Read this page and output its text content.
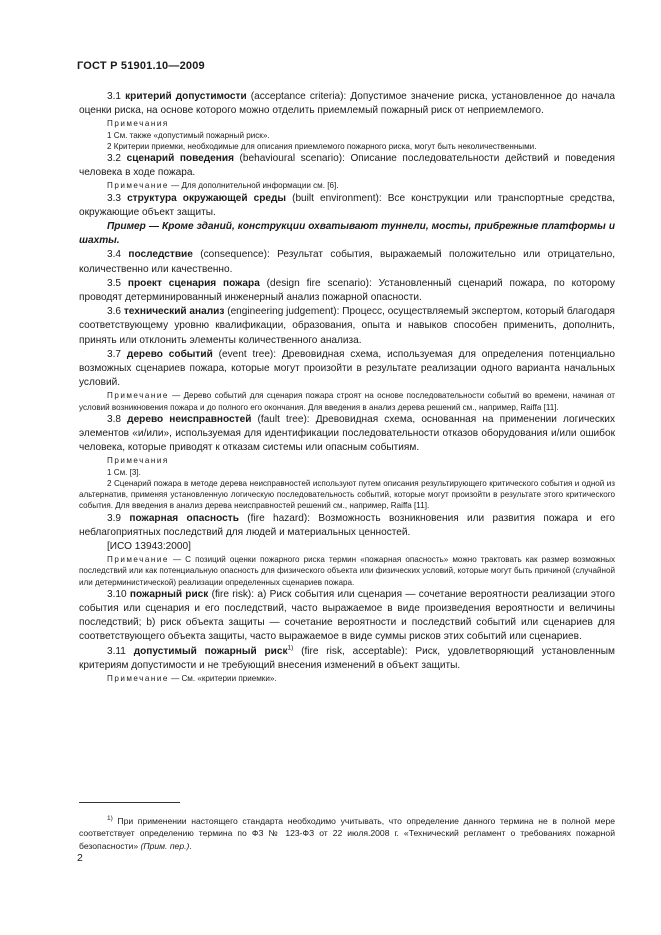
ГОСТ Р 51901.10—2009

3.1 критерий допустимости (acceptance criteria): Допустимое значение риска, установленное до начала оценки риска, на основе которого можно отделить приемлемый пожарный риск от неприемлемого.

Примечания

1 См. также «допустимый пожарный риск».

2 Критерии приемки, необходимые для описания приемлемого пожарного риска, могут быть неколичественными.

3.2 сценарий поведения (behavioural scenario): Описание последовательности действий и поведения человека в ходе пожара.

Примечание — Для дополнительной информации см. [6].

3.3 структура окружающей среды (built environment): Все конструкции или транспортные средства, окружающие объект защиты.

Пример — Кроме зданий, конструкции охватывают туннели, мосты, прибрежные платформы и шахты.

3.4 последствие (consequence): Результат события, выражаемый положительно или отрицательно, количественно или качественно.

3.5 проект сценария пожара (design fire scenario): Установленный сценарий пожара, по которому проводят детерминированный инженерный анализ пожарной опасности.

3.6 технический анализ (engineering judgement): Процесс, осуществляемый экспертом, который благодаря соответствующему уровню квалификации, образования, опыта и навыков способен применить, дополнить, принять или отклонить элементы количественного анализа.

3.7 дерево событий (event tree): Древовидная схема, используемая для определения потенциально возможных сценариев пожара, которые могут произойти в результате реализации одного варианта начальных условий.

Примечание — Дерево событий для сценария пожара строят на основе последовательности событий во времени, начиная от условий возникновения пожара и до полного его окончания. Для введения в анализ дерева решений см., например, Raiffa [11].

3.8 дерево неисправностей (fault tree): Древовидная схема, основанная на применении логических элементов «и/или», используемая для идентификации последовательности отказов оборудования и/или ошибок человека, которые приводят к отказам системы или опасным событиям.

Примечания

1 См. [3].

2 Сценарий пожара в методе дерева неисправностей используют путем описания результирующего критического события и одной из альтернатив, применяя установленную логическую последовательность событий, которые могут произойти в результате этого критического события. Для введения в анализ дерева неисправностей решений см., например, Raiffa [11].

3.9 пожарная опасность (fire hazard): Возможность возникновения или развития пожара и его неблагоприятных последствий для людей и материальных ценностей.

[ИСО 13943:2000]

Примечание — С позиций оценки пожарного риска термин «пожарная опасность» можно трактовать как размер возможных последствий или как потенциальную опасность для физического объекта или физических условий, которые могут быть причиной (случайной или детерминистической) реализации определенных сценариев пожара.

3.10 пожарный риск (fire risk): a) Риск события или сценария — сочетание вероятности реализации этого события или сценария и его последствий, часто выражаемое в виде произведения вероятности и величины последствий; b) риск объекта защиты — сочетание вероятности и последствий событий или сценариев для соответствующего объекта защиты, часто выражаемое в виде суммы рисков этих событий или сценариев.

3.11 допустимый пожарный риск$^{1)}$ (fire risk, acceptable): Риск, удовлетворяющий установленным критериям допустимости и не требующий внесения изменений в объект защиты.

Примечание — См. «критерии приемки».

$^{1)}$ При применении настоящего стандарта необходимо учитывать, что определение данного термина не в полной мере соответствует определению термина по ФЗ № 123-ФЗ от 22 июля.2008 г. «Технический регламент о требованиях пожарной безопасности» (Прим. пер.).

2
